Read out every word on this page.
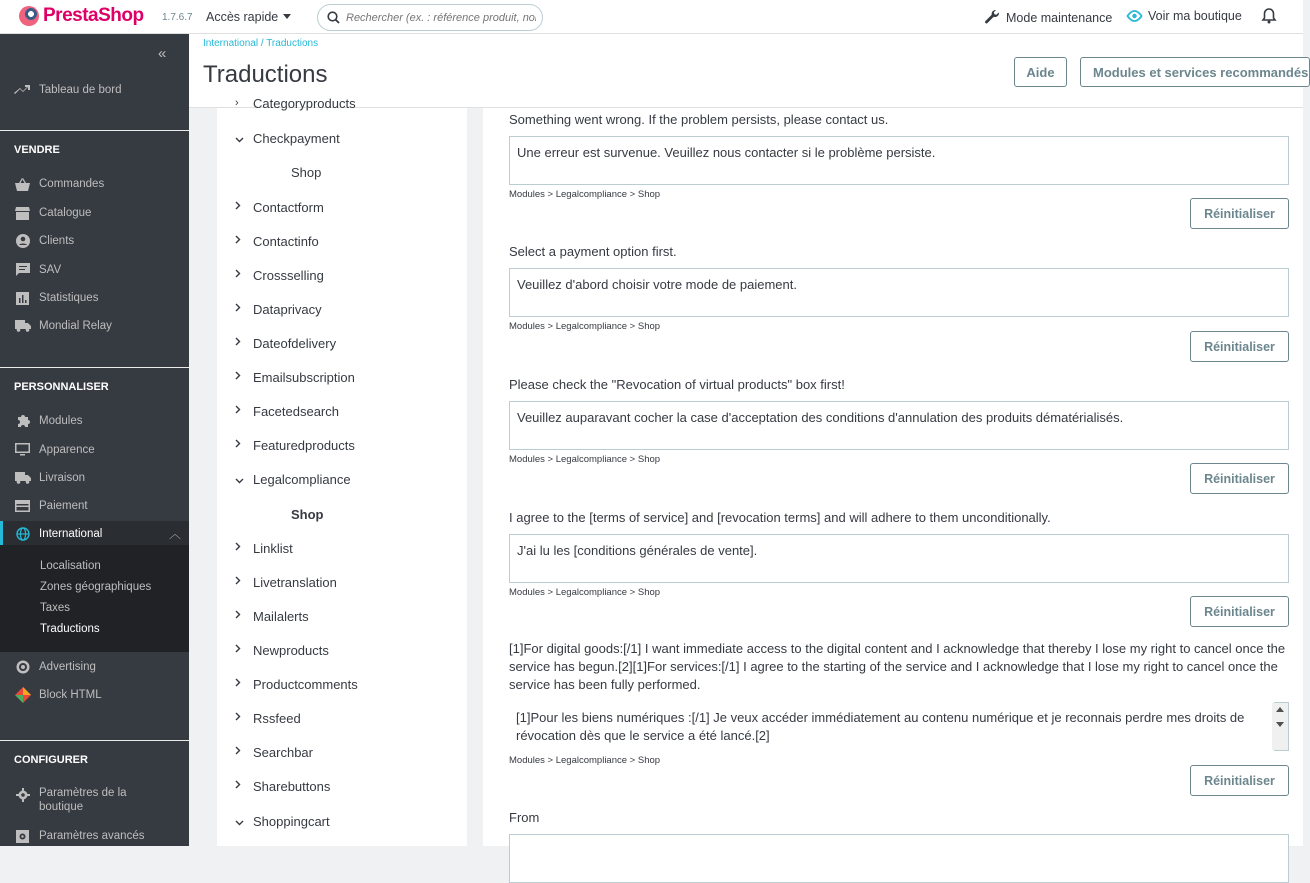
PrestaShop 1.7.6.7 Accès rapide
Rechercher (ex. : référence produit, nom	Mode maintenance	Voir ma boutique
«
Tableau de bord
VENDRE
Commandes
Catalogue
Clients
SAV
Statistiques
Mondial Relay
PERSONNALISER
Modules
Apparence
Livraison
Paiement
International	︿
Localisation
Zones géographiques
Taxes
Traductions
Advertising
Block HTML
CONFIGURER
Paramètres de la boutique
Paramètres avancés
International / Traductions
Traductions	Aide	Modules et services recommandés
› Categoryproducts
Checkpayment
Shop
Contactform
Contactinfo
Crossselling
Dataprivacy
Dateofdelivery
Emailsubscription
Facetedsearch
Featuredproducts
Legalcompliance
Shop
Linklist
Livetranslation
Mailalerts
Newproducts
Productcomments
Rssfeed
Searchbar
Sharebuttons
Shoppingcart
Something went wrong. If the problem persists, please contact us.
Une erreur est survenue. Veuillez nous contacter si le problème persiste.
Modules > Legalcompliance > Shop
Réinitialiser
Select a payment option first.
Veuillez d'abord choisir votre mode de paiement.
Modules > Legalcompliance > Shop
Réinitialiser
Please check the "Revocation of virtual products" box first!
Veuillez auparavant cocher la case d'acceptation des conditions d'annulation des produits dématérialisés.
Modules > Legalcompliance > Shop
Réinitialiser
I agree to the [terms of service] and [revocation terms] and will adhere to them unconditionally.
J'ai lu les [conditions générales de vente].
Modules > Legalcompliance > Shop
Réinitialiser
[1]For digital goods:[/1] I want immediate access to the digital content and I acknowledge that thereby I lose my right to cancel once the service has begun.[2][1]For services:[/1] I agree to the starting of the service and I acknowledge that I lose my right to cancel once the service has been fully performed.
[1]Pour les biens numériques :[/1] Je veux accéder immédiatement au contenu numérique et je reconnais perdre mes droits de révocation dès que le service a été lancé.[2]
Modules > Legalcompliance > Shop
Réinitialiser
From
